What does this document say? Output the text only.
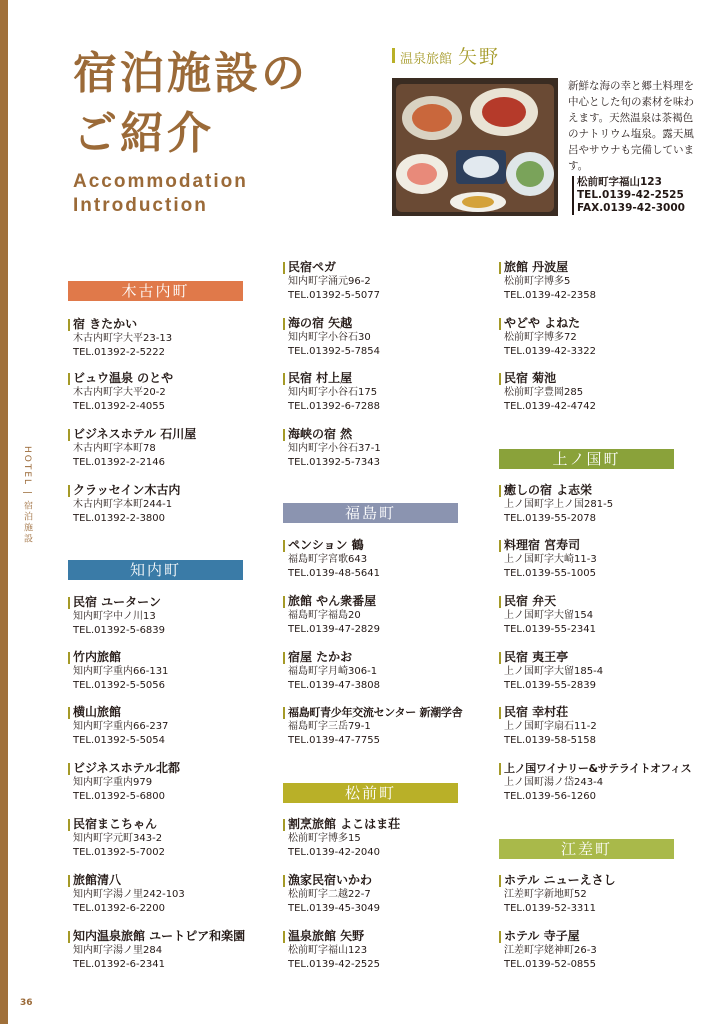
宿泊施設の
ご紹介
Accommodation
Introduction
温泉旅館 矢野

新鮮な海の幸と郷土料理を中心とした旬の素材を味わえます。天然温泉は茶褐色のナトリウム塩泉。露天風呂やサウナも完備しています。

松前町字福山123
TEL.0139-42-2525
FAX.0139-42-3000
HOTEL | 宿泊施設
木古内町
宿 きたかい
木古内町字大平23-13
TEL.01392-2-5222
ビュウ温泉 のとや
木古内町字大平20-2
TEL.01392-2-4055
ビジネスホテル 石川屋
木古内町字本町78
TEL.01392-2-2146
クラッセイン木古内
木古内町字本町244-1
TEL.01392-2-3800
知内町
民宿 ユーターン
知内町字中ノ川13
TEL.01392-5-6839
竹内旅館
知内町字重内66-131
TEL.01392-5-5056
横山旅館
知内町字重内66-237
TEL.01392-5-5054
ビジネスホテル北都
知内町字重内979
TEL.01392-5-6800
民宿まこちゃん
知内町字元町343-2
TEL.01392-5-7002
旅館清八
知内町字湯ノ里242-103
TEL.01392-6-2200
知内温泉旅館 ユートピア和楽園
知内町字湯ノ里284
TEL.01392-6-2341
民宿ペガ
知内町字涌元96-2
TEL.01392-5-5077
海の宿 矢越
知内町字小谷石30
TEL.01392-5-7854
民宿 村上屋
知内町字小谷石175
TEL.01392-6-7288
海峡の宿 然
知内町字小谷石37-1
TEL.01392-5-7343
福島町
ペンション 鶴
福島町字宮歌643
TEL.0139-48-5641
旅館 やん衆番屋
福島町字福島20
TEL.0139-47-2829
宿屋 たかお
福島町字月崎306-1
TEL.0139-47-3808
福島町青少年交流センター 新潮学舎
福島町字三岳79-1
TEL.0139-47-7755
松前町
割烹旅館 よこはま荘
松前町字博多15
TEL.0139-42-2040
漁家民宿いかわ
松前町字二越22-7
TEL.0139-45-3049
温泉旅館 矢野
松前町字福山123
TEL.0139-42-2525
旅館 丹波屋
松前町字博多5
TEL.0139-42-2358
やどや よねた
松前町字博多72
TEL.0139-42-3322
民宿 菊池
松前町字豊岡285
TEL.0139-42-4742
上ノ国町
癒しの宿 よ志栄
上ノ国町字上ノ国281-5
TEL.0139-55-2078
料理宿 宮寿司
上ノ国町字大崎11-3
TEL.0139-55-1005
民宿 弁天
上ノ国町字大留154
TEL.0139-55-2341
民宿 夷王亭
上ノ国町字大留185-4
TEL.0139-55-2839
民宿 幸村荘
上ノ国町字扇石11-2
TEL.0139-58-5158
上ノ国ワイナリー&サテライトオフィス
上ノ国町湯ノ岱243-4
TEL.0139-56-1260
江差町
ホテル ニューえさし
江差町字新地町52
TEL.0139-52-3311
ホテル 寺子屋
江差町字姥神町26-3
TEL.0139-52-0855
36
